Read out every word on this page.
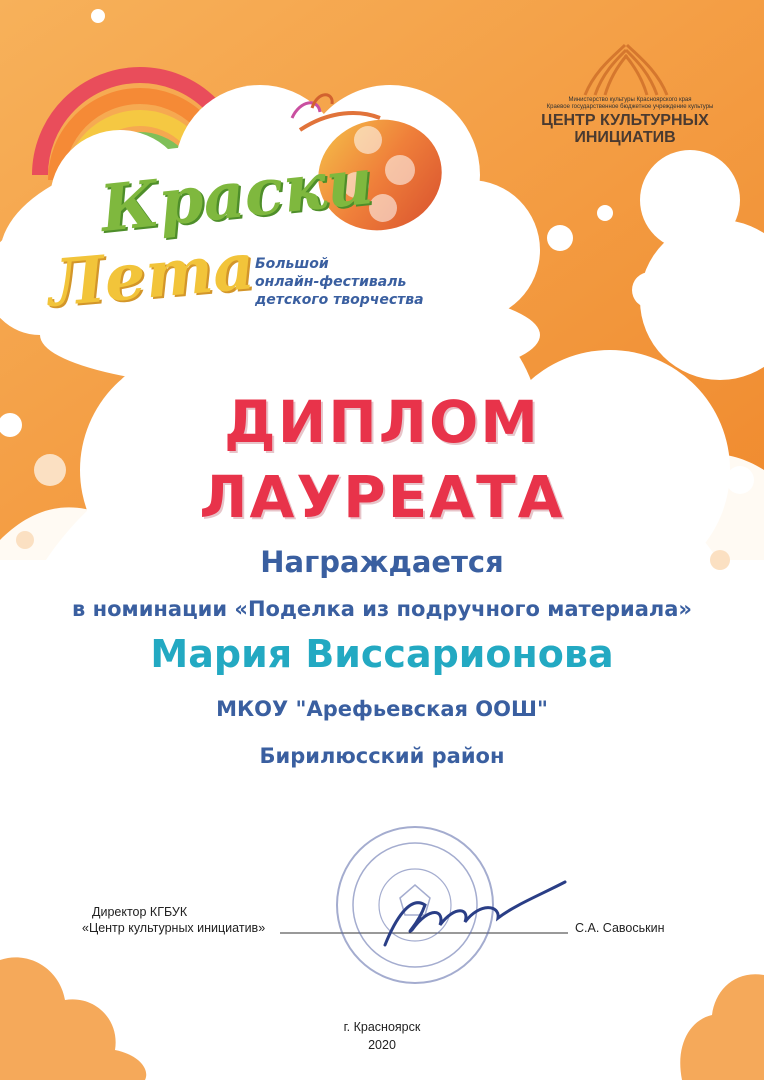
Краски
Лета
Большой
онлайн-фестиваль
детского творчества
Министерство культуры Красноярского края
Краевое государственное бюджетное учреждение культуры
ЦЕНТР КУЛЬТУРНЫХ
ИНИЦИАТИВ
ДИПЛОМ
ЛАУРЕАТА
Награждается
в номинации «Поделка из подручного материала»
Мария Виссарионова
МКОУ "Арефьевская ООШ"
Бирилюсский район
Директор КГБУК
«Центр культурных инициатив»	С.А. Савоськин
г. Красноярск
2020
